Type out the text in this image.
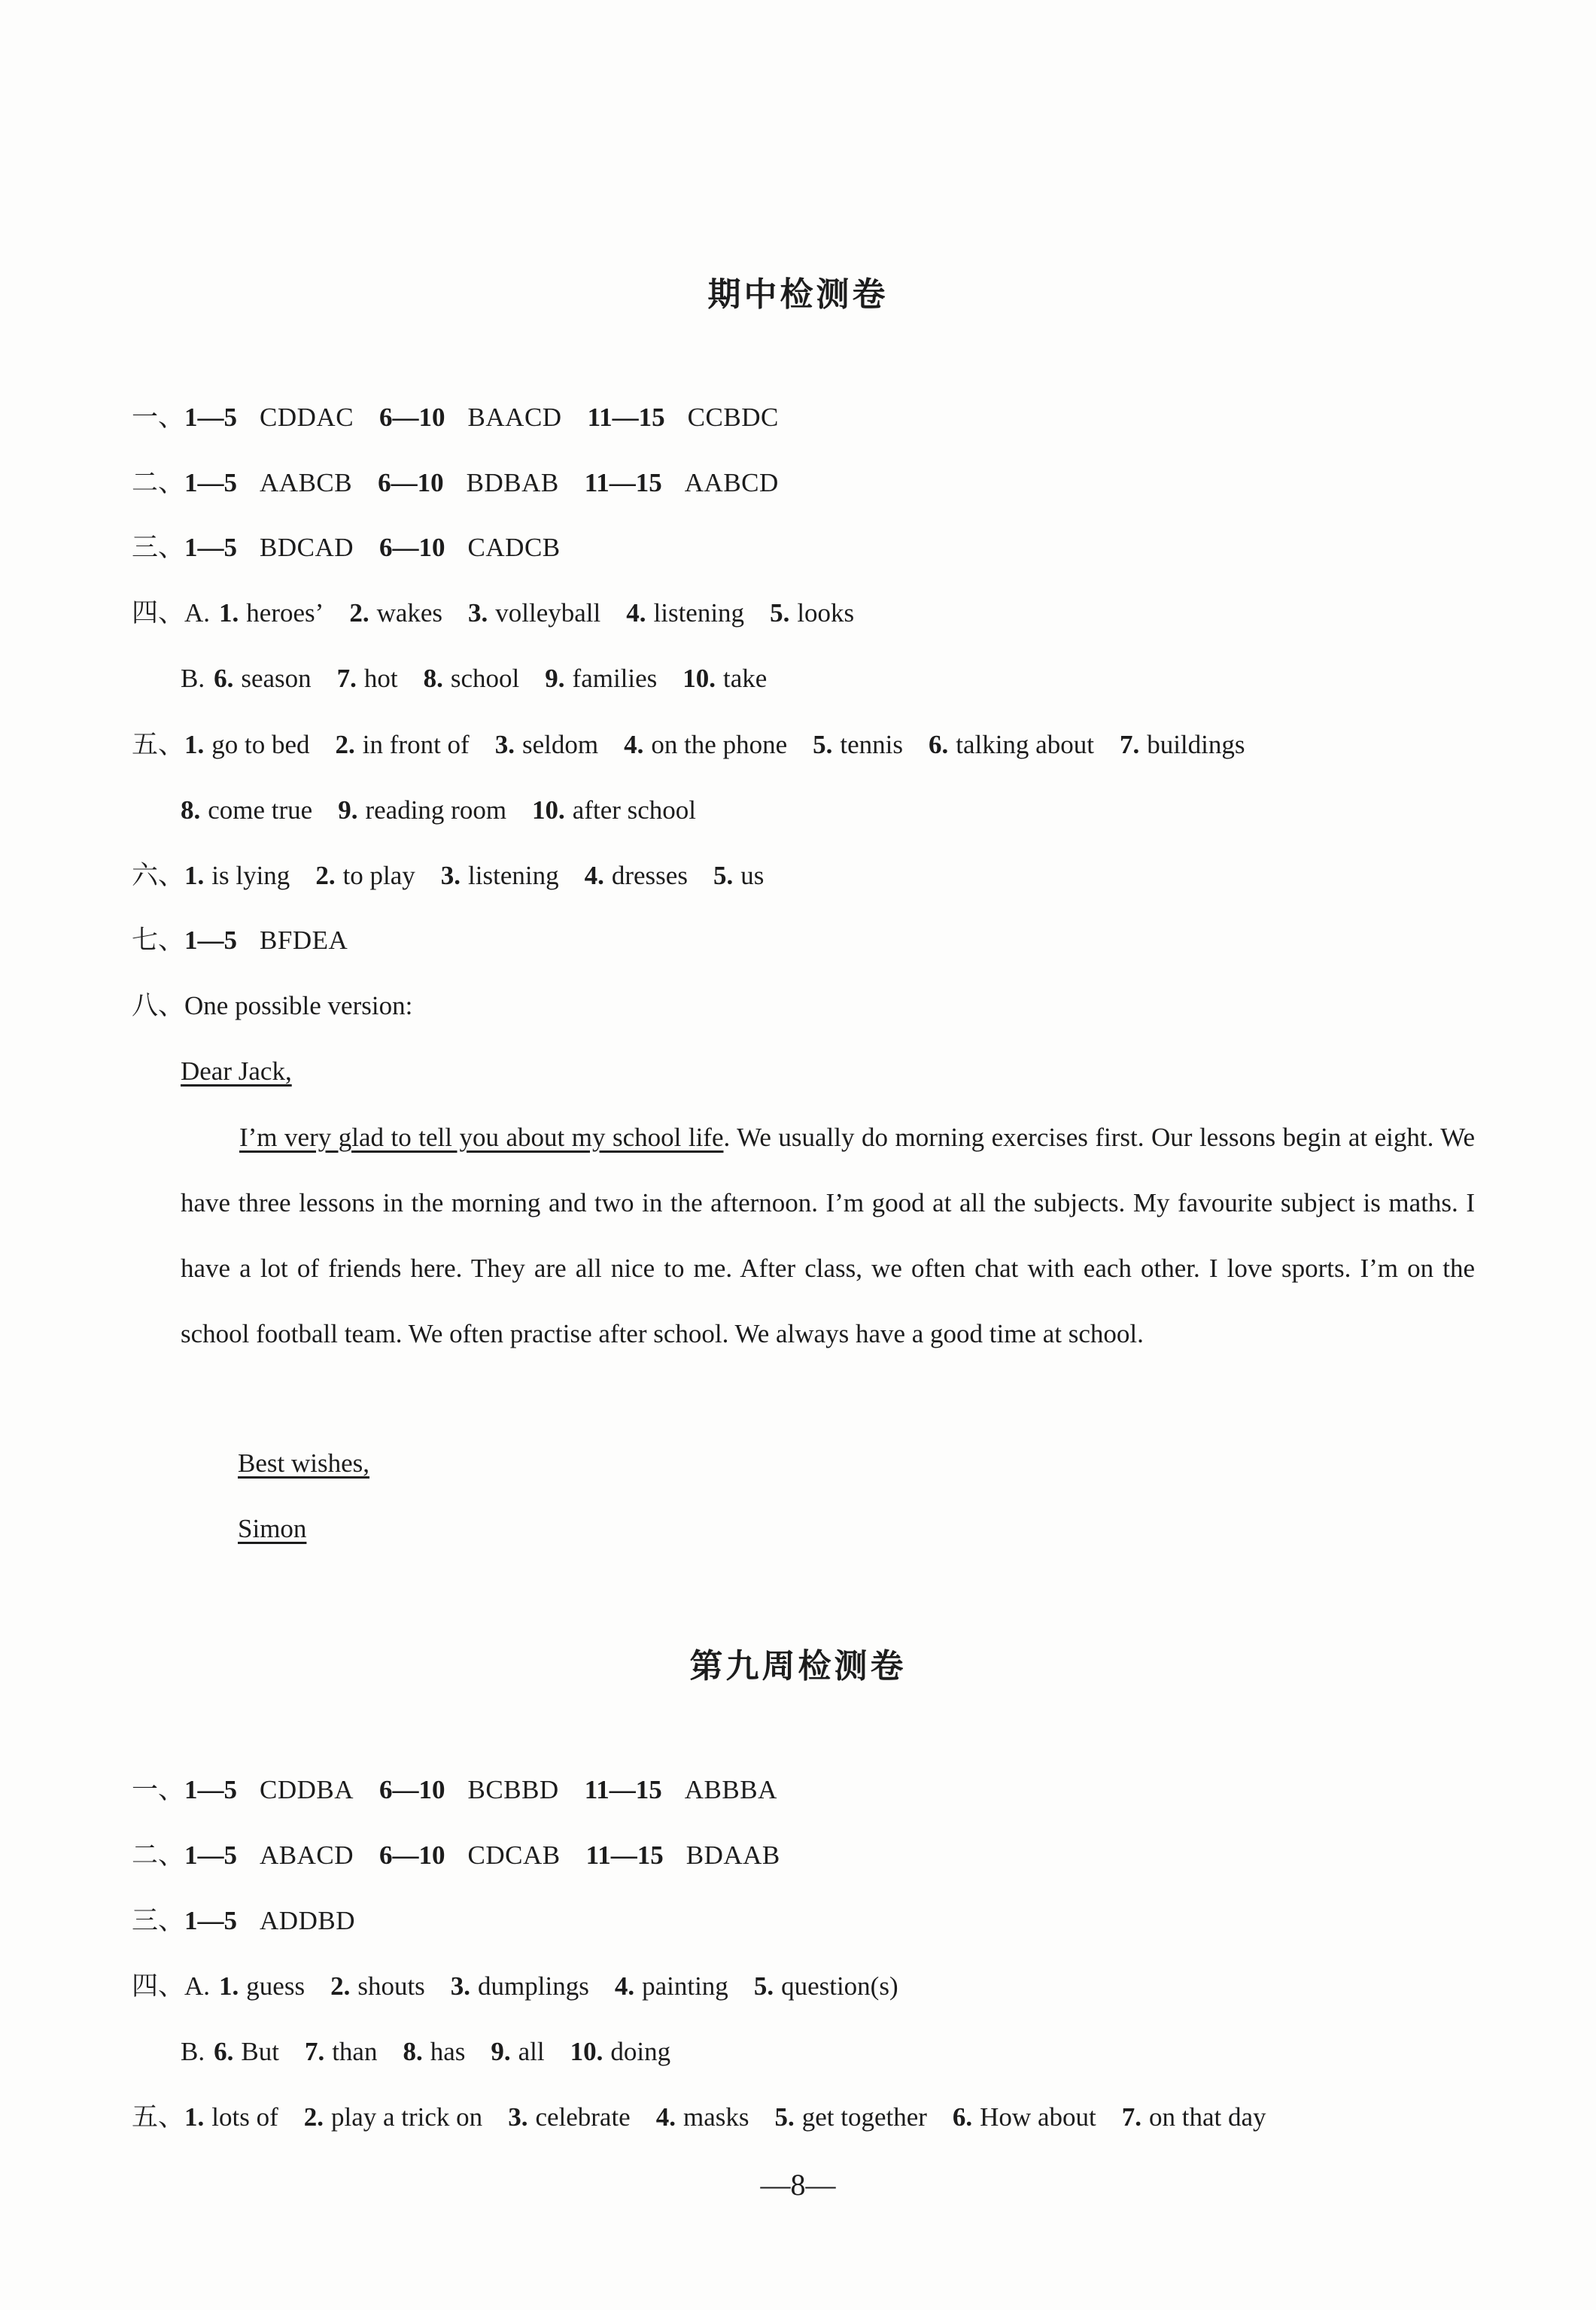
期中检测卷
一、1—5 CDDAC 6—10 BAACD 11—15 CCBDC
二、1—5 AABCB 6—10 BDBAB 11—15 AABCD
三、1—5 BDCAD 6—10 CADCB
四、A. 1. heroes’ 2. wakes 3. volleyball 4. listening 5. looks
B. 6. season 7. hot 8. school 9. families 10. take
五、1. go to bed 2. in front of 3. seldom 4. on the phone 5. tennis 6. talking about 7. buildings
8. come true 9. reading room 10. after school
六、1. is lying 2. to play 3. listening 4. dresses 5. us
七、1—5 BFDEA
八、One possible version:
Dear Jack,
I’m very glad to tell you about my school life. We usually do morning exercises first. Our lessons begin at eight. We have three lessons in the morning and two in the afternoon. I’m good at all the subjects. My favourite subject is maths. I have a lot of friends here. They are all nice to me. After class, we often chat with each other. I love sports. I’m on the school football team. We often practise after school. We always have a good time at school.
Best wishes,
Simon
第九周检测卷
一、1—5 CDDBA 6—10 BCBBD 11—15 ABBBA
二、1—5 ABACD 6—10 CDCAB 11—15 BDAAB
三、1—5 ADDBD
四、A. 1. guess 2. shouts 3. dumplings 4. painting 5. question(s)
B. 6. But 7. than 8. has 9. all 10. doing
五、1. lots of 2. play a trick on 3. celebrate 4. masks 5. get together 6. How about 7. on that day
—8—
